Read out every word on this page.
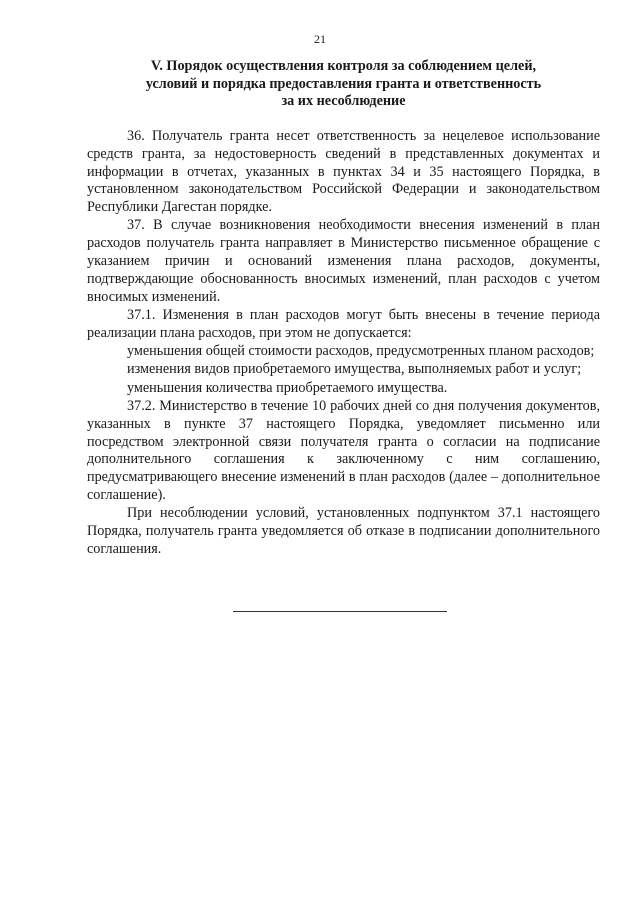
21
V. Порядок осуществления контроля за соблюдением целей,
условий и порядка предоставления гранта и ответственность
за их несоблюдение

36. Получатель гранта несет ответственность за нецелевое использование средств гранта, за недостоверность сведений в представленных документах и информации в отчетах, указанных в пунктах 34 и 35 настоящего Порядка, в установленном законодательством Российской Федерации и законодательством Республики Дагестан порядке.

37. В случае возникновения необходимости внесения изменений в план расходов получатель гранта направляет в Министерство письменное обращение с указанием причин и оснований изменения плана расходов, документы, подтверждающие обоснованность вносимых изменений, план расходов с учетом вносимых изменений.

37.1. Изменения в план расходов могут быть внесены в течение периода реализации плана расходов, при этом не допускается:

уменьшения общей стоимости расходов, предусмотренных планом расходов;

изменения видов приобретаемого имущества, выполняемых работ и услуг;

уменьшения количества приобретаемого имущества.

37.2. Министерство в течение 10 рабочих дней со дня получения документов, указанных в пункте 37 настоящего Порядка, уведомляет письменно или посредством электронной связи получателя гранта о согласии на подписание дополнительного соглашения к заключенному с ним соглашению, предусматривающего внесение изменений в план расходов (далее – дополнительное соглашение).

При несоблюдении условий, установленных подпунктом 37.1 настоящего Порядка, получатель гранта уведомляется об отказе в подписании дополнительного соглашения.
